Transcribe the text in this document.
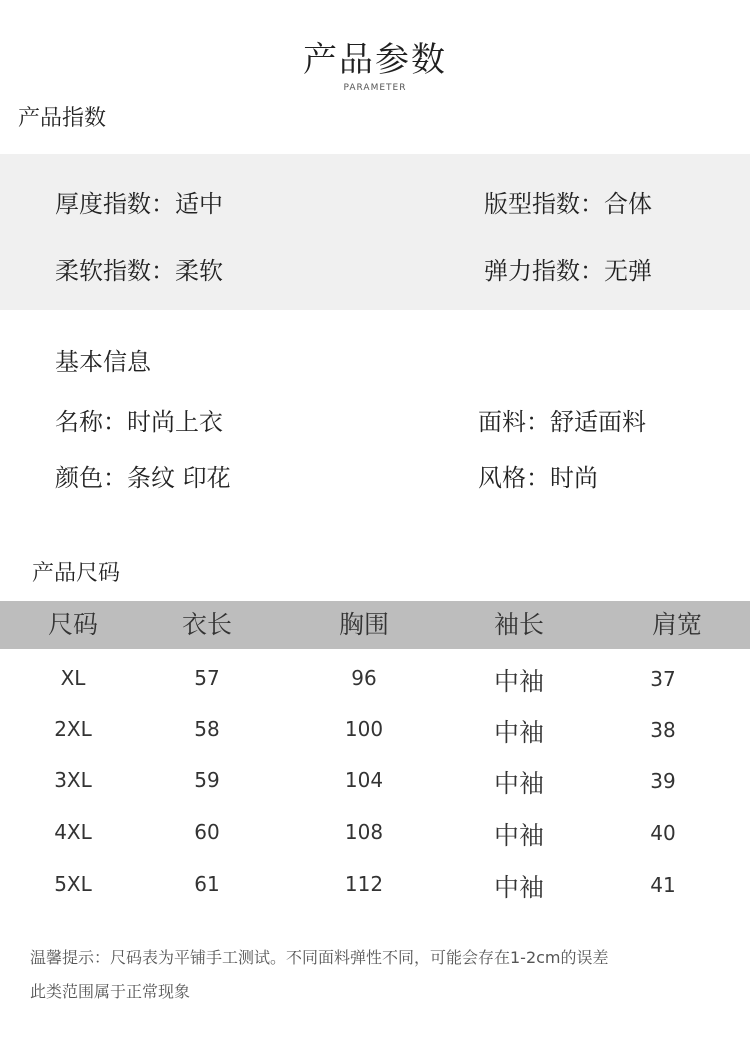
产品参数
PARAMETER
产品指数
厚度指数：适中	版型指数：合体
柔软指数：柔软	弹力指数：无弹
基本信息
名称：时尚上衣	面料：舒适面料
颜色：条纹 印花	风格：时尚
产品尺码
尺码	衣长	胸围	袖长	肩宽
XL	57	96	中袖	37
2XL	58	100	中袖	38
3XL	59	104	中袖	39
4XL	60	108	中袖	40
5XL	61	112	中袖	41
温馨提示：尺码表为平铺手工测试。不同面料弹性不同，可能会存在1-2cm的误差
此类范围属于正常现象
